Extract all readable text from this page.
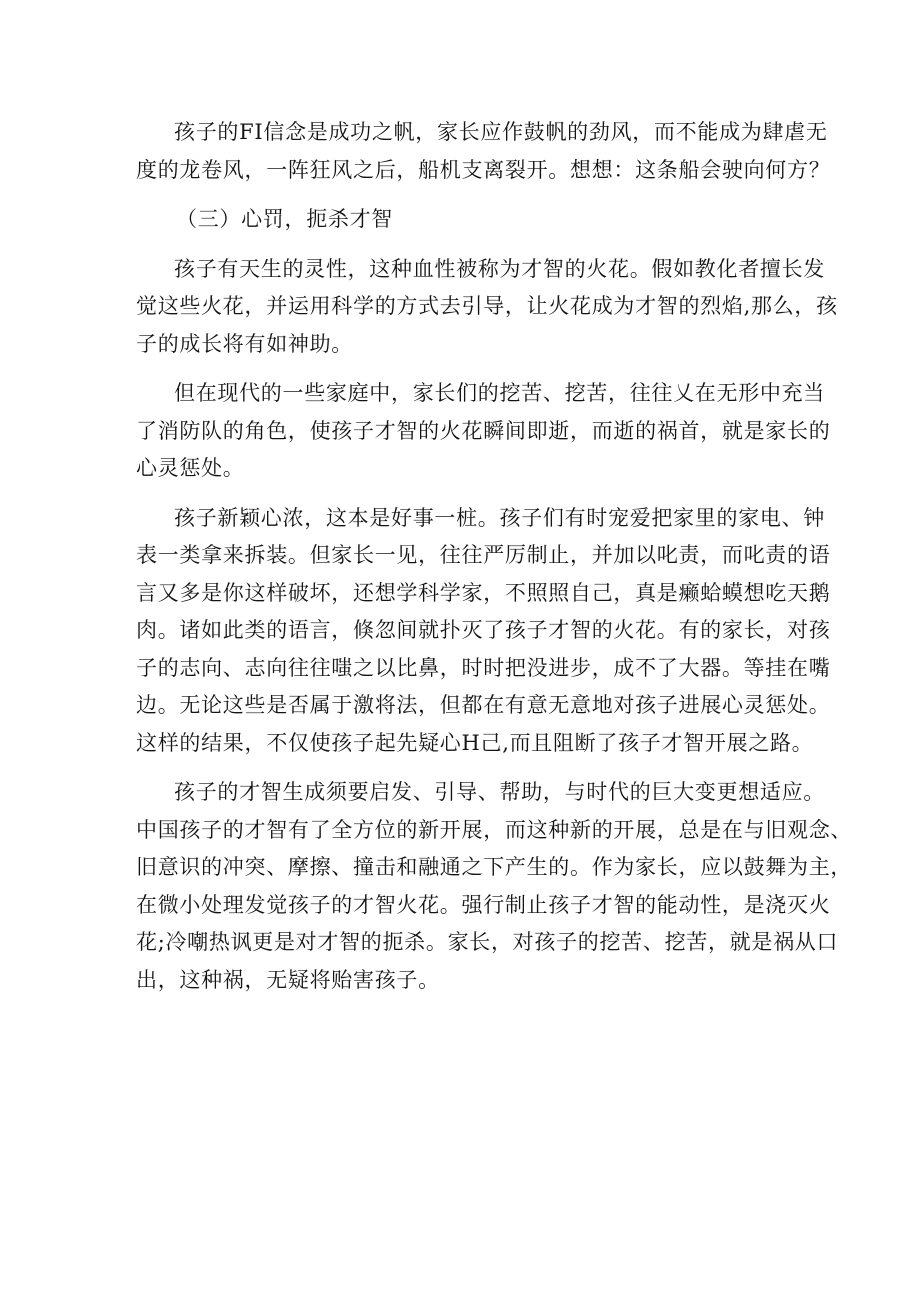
孩子的FI信念是成功之帆，家长应作鼓帆的劲风，而不能成为肆虐无
度的龙卷风，一阵狂风之后，船机支离裂开。想想：这条船会驶向何方？

（三）心罚，扼杀才智

孩子有天生的灵性，这种血性被称为才智的火花。假如教化者擅长发
觉这些火花，并运用科学的方式去引导，让火花成为才智的烈焰,那么，孩
子的成长将有如神助。

但在现代的一些家庭中，家长们的挖苦、挖苦，往往乂在无形中充当
了消防队的角色，使孩子才智的火花瞬间即逝，而逝的祸首，就是家长的
心灵惩处。

孩子新颖心浓，这本是好事一桩。孩子们有时宠爱把家里的家电、钟
表一类拿来拆装。但家长一见，往往严厉制止，并加以叱责，而叱责的语
言又多是你这样破坏，还想学科学家，不照照自己，真是癞蛤蟆想吃天鹅
肉。诸如此类的语言，倏忽间就扑灭了孩子才智的火花。有的家长，对孩
子的志向、志向往往嗤之以比鼻，时时把没进步，成不了大器。等挂在嘴
边。无论这些是否属于激将法，但都在有意无意地对孩子进展心灵惩处。
这样的结果，不仅使孩子起先疑心H己,而且阻断了孩子才智开展之路。

孩子的才智生成须要启发、引导、帮助，与时代的巨大变更想适应。
中国孩子的才智有了全方位的新开展，而这种新的开展，总是在与旧观念、
旧意识的冲突、摩擦、撞击和融通之下产生的。作为家长，应以鼓舞为主，
在微小处理发觉孩子的才智火花。强行制止孩子才智的能动性，是浇灭火
花;冷嘲热讽更是对才智的扼杀。家长，对孩子的挖苦、挖苦，就是祸从口
出，这种祸，无疑将贻害孩子。
